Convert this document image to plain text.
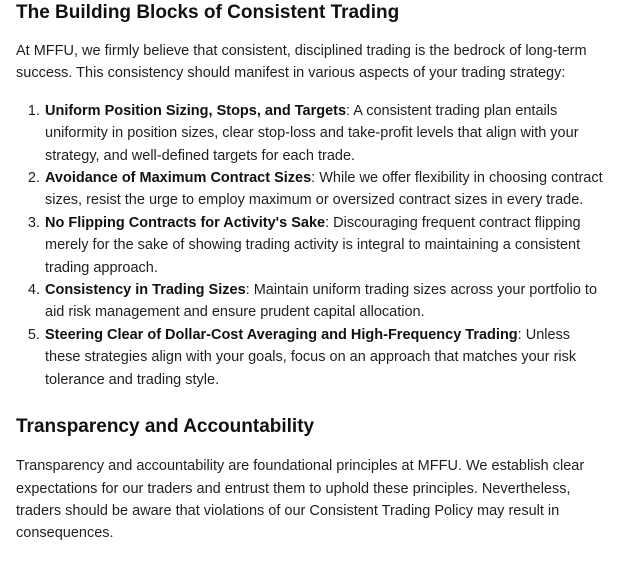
The Building Blocks of Consistent Trading

At MFFU, we firmly believe that consistent, disciplined trading is the bedrock of long-term success. This consistency should manifest in various aspects of your trading strategy:

1. Uniform Position Sizing, Stops, and Targets: A consistent trading plan entails uniformity in position sizes, clear stop-loss and take-profit levels that align with your strategy, and well-defined targets for each trade.
2. Avoidance of Maximum Contract Sizes: While we offer flexibility in choosing contract sizes, resist the urge to employ maximum or oversized contract sizes in every trade.
3. No Flipping Contracts for Activity's Sake: Discouraging frequent contract flipping merely for the sake of showing trading activity is integral to maintaining a consistent trading approach.
4. Consistency in Trading Sizes: Maintain uniform trading sizes across your portfolio to aid risk management and ensure prudent capital allocation.
5. Steering Clear of Dollar-Cost Averaging and High-Frequency Trading: Unless these strategies align with your goals, focus on an approach that matches your risk tolerance and trading style.
Transparency and Accountability

Transparency and accountability are foundational principles at MFFU. We establish clear expectations for our traders and entrust them to uphold these principles. Nevertheless, traders should be aware that violations of our Consistent Trading Policy may result in consequences.
